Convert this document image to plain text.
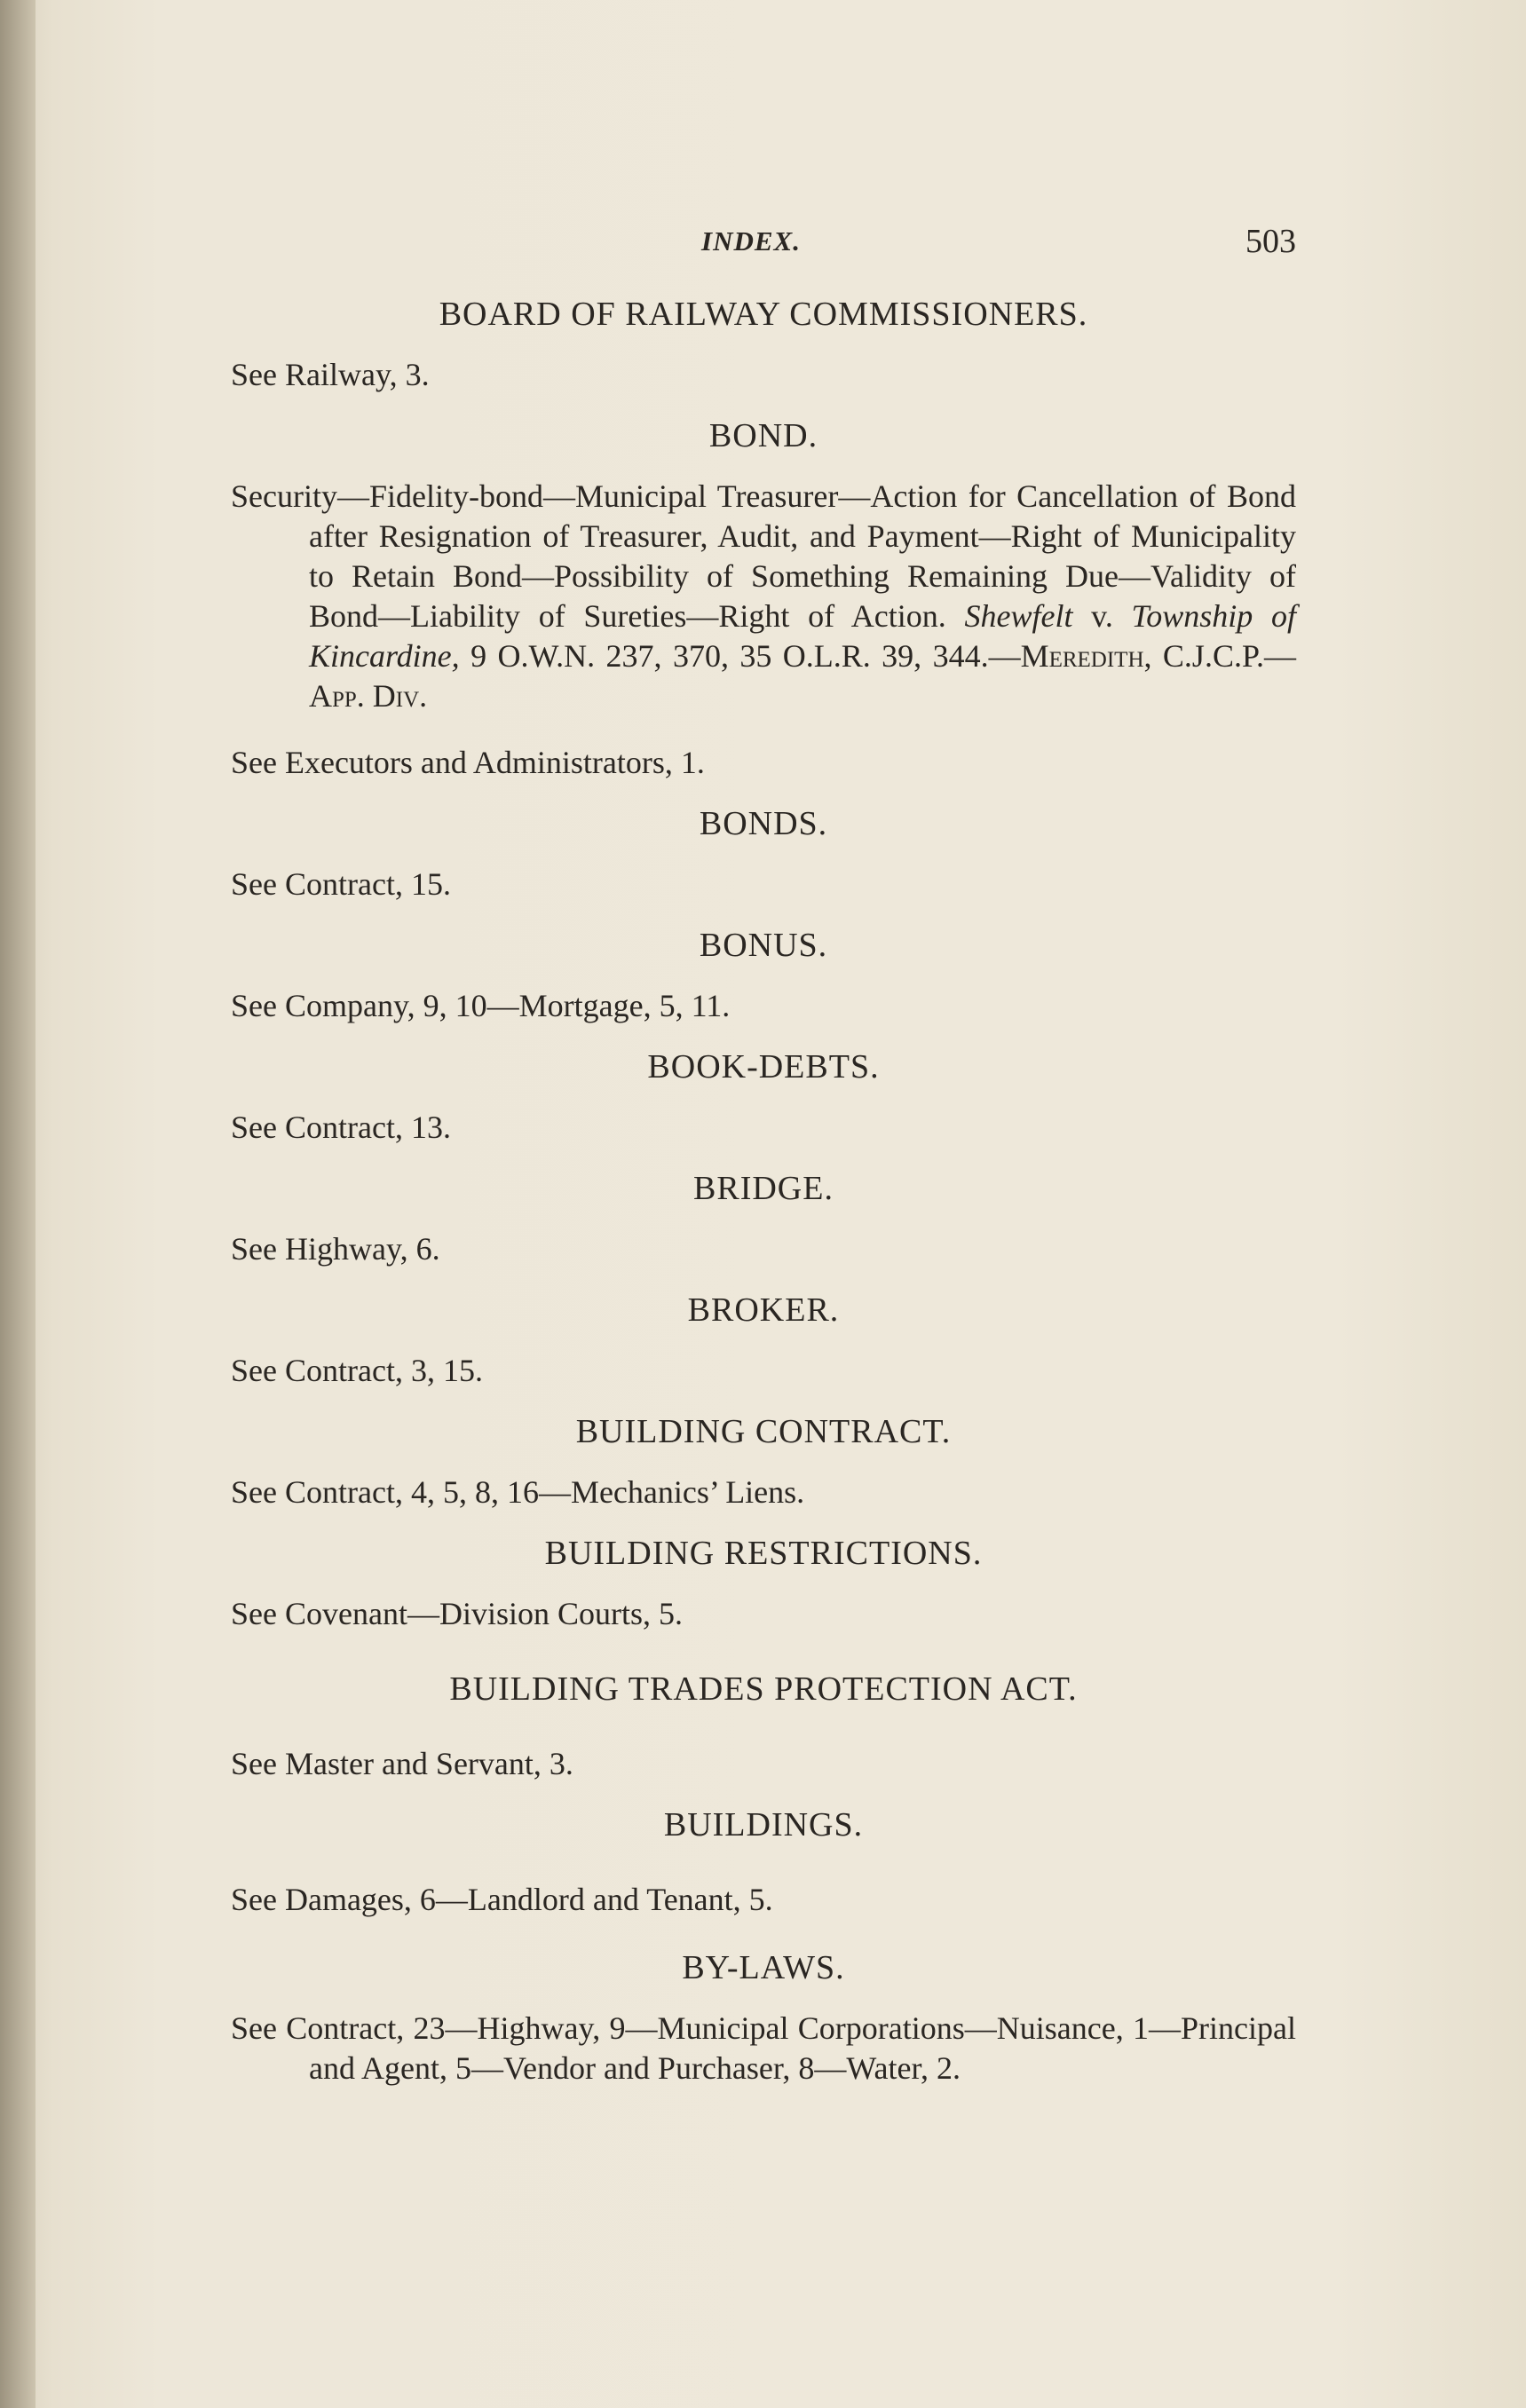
INDEX.	503

BOARD OF RAILWAY COMMISSIONERS.

See Railway, 3.

BOND.

Security—Fidelity-bond—Municipal Treasurer—Action for Cancellation of Bond after Resignation of Treasurer, Audit, and Payment—Right of Municipality to Retain Bond—Possibility of Something Remaining Due—Validity of Bond—Liability of Sureties—Right of Action. Shewfelt v. Township of Kincardine, 9 O.W.N. 237, 370, 35 O.L.R. 39, 344.—Meredith, C.J.C.P.—App. Div.

See Executors and Administrators, 1.

BONDS.

See Contract, 15.

BONUS.

See Company, 9, 10—Mortgage, 5, 11.

BOOK-DEBTS.

See Contract, 13.

BRIDGE.

See Highway, 6.

BROKER.

See Contract, 3, 15.

BUILDING CONTRACT.

See Contract, 4, 5, 8, 16—Mechanics’ Liens.

BUILDING RESTRICTIONS.

See Covenant—Division Courts, 5.

BUILDING TRADES PROTECTION ACT.

See Master and Servant, 3.

BUILDINGS.

See Damages, 6—Landlord and Tenant, 5.

BY-LAWS.

See Contract, 23—Highway, 9—Municipal Corporations—Nuisance, 1—Principal and Agent, 5—Vendor and Purchaser, 8—Water, 2.
